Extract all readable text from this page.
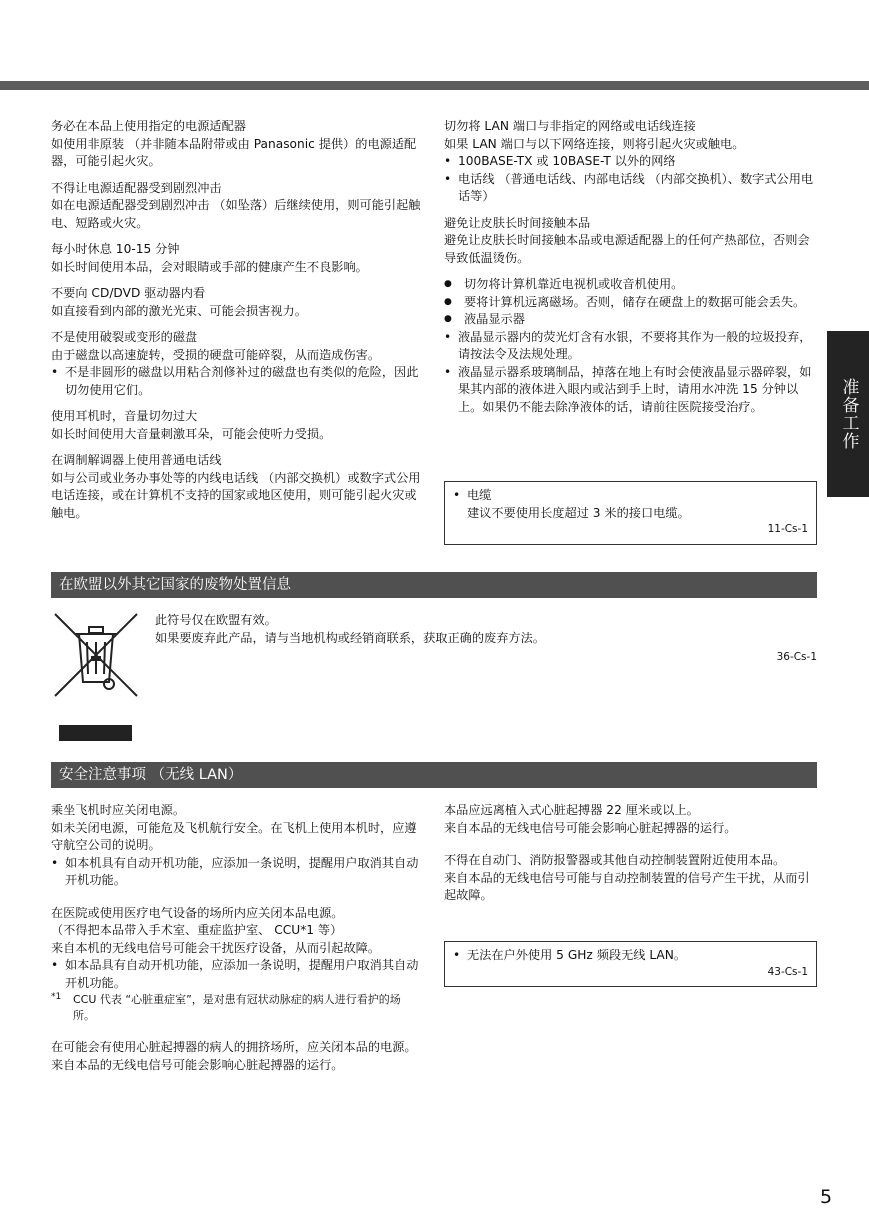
准备工作

务必在本品上使用指定的电源适配器

如使用非原装 （并非随本品附带或由 Panasonic 提供）的电源适配器，可能引起火灾。

不得让电源适配器受到剧烈冲击

如在电源适配器受到剧烈冲击 （如坠落）后继续使用，则可能引起触电、短路或火灾。

每小时休息 10-15 分钟

如长时间使用本品，会对眼睛或手部的健康产生不良影响。

不要向 CD/DVD 驱动器内看

如直接看到内部的激光光束、可能会损害视力。

不是使用破裂或变形的磁盘

由于磁盘以高速旋转，受损的硬盘可能碎裂，从而造成伤害。

• 不是非圆形的磁盘以用粘合剂修补过的磁盘也有类似的危险，因此切勿使用它们。

使用耳机时，音量切勿过大

如长时间使用大音量刺激耳朵，可能会使听力受损。

在调制解调器上使用普通电话线

如与公司或业务办事处等的内线电话线 （内部交换机）或数字式公用电话连接，或在计算机不支持的国家或地区使用，则可能引起火灾或触电。

切勿将 LAN 端口与非指定的网络或电话线连接

如果 LAN 端口与以下网络连接，则将引起火灾或触电。

• 100BASE-TX 或 10BASE-T 以外的网络

• 电话线 （普通电话线、内部电话线 （内部交换机）、数字式公用电话等）

避免让皮肤长时间接触本品

避免让皮肤长时间接触本品或电源适配器上的任何产热部位，否则会导致低温烫伤。

● 切勿将计算机靠近电视机或收音机使用。

● 要将计算机远离磁场。否则，储存在硬盘上的数据可能会丢失。

● 液晶显示器

• 液晶显示器内的荧光灯含有水银，不要将其作为一般的垃圾投弃，请按法令及法规处理。

• 液晶显示器系玻璃制品，掉落在地上有时会使液晶显示器碎裂，如果其内部的液体进入眼内或沾到手上时，请用水冲洗 15 分钟以上。如果仍不能去除净液体的话，请前往医院接受治疗。

• 电缆

建议不要使用长度超过 3 米的接口电缆。

11-Cs-1
在欧盟以外其它国家的废物处置信息

此符号仅在欧盟有效。

如果要废弃此产品，请与当地机构或经销商联系，获取正确的废弃方法。

36-Cs-1
安全注意事项 （无线 LAN）

乘坐飞机时应关闭电源。

如未关闭电源，可能危及飞机航行安全。在飞机上使用本机时，应遵守航空公司的说明。

• 如本机具有自动开机功能，应添加一条说明，提醒用户取消其自动开机功能。

在医院或使用医疗电气设备的场所内应关闭本品电源。

（不得把本品带入手术室、重症监护室、 CCU*1 等）

来自本机的无线电信号可能会干扰医疗设备，从而引起故障。

• 如本品具有自动开机功能，应添加一条说明，提醒用户取消其自动开机功能。

*1 CCU 代表 “心脏重症室”，是对患有冠状动脉症的病人进行看护的场所。

在可能会有使用心脏起搏器的病人的拥挤场所，应关闭本品的电源。

来自本品的无线电信号可能会影响心脏起搏器的运行。

本品应远离植入式心脏起搏器 22 厘米或以上。

来自本品的无线电信号可能会影响心脏起搏器的运行。

不得在自动门、消防报警器或其他自动控制装置附近使用本品。

来自本品的无线电信号可能与自动控制装置的信号产生干扰，从而引起故障。

• 无法在户外使用 5 GHz 频段无线 LAN。

43-Cs-1
5
